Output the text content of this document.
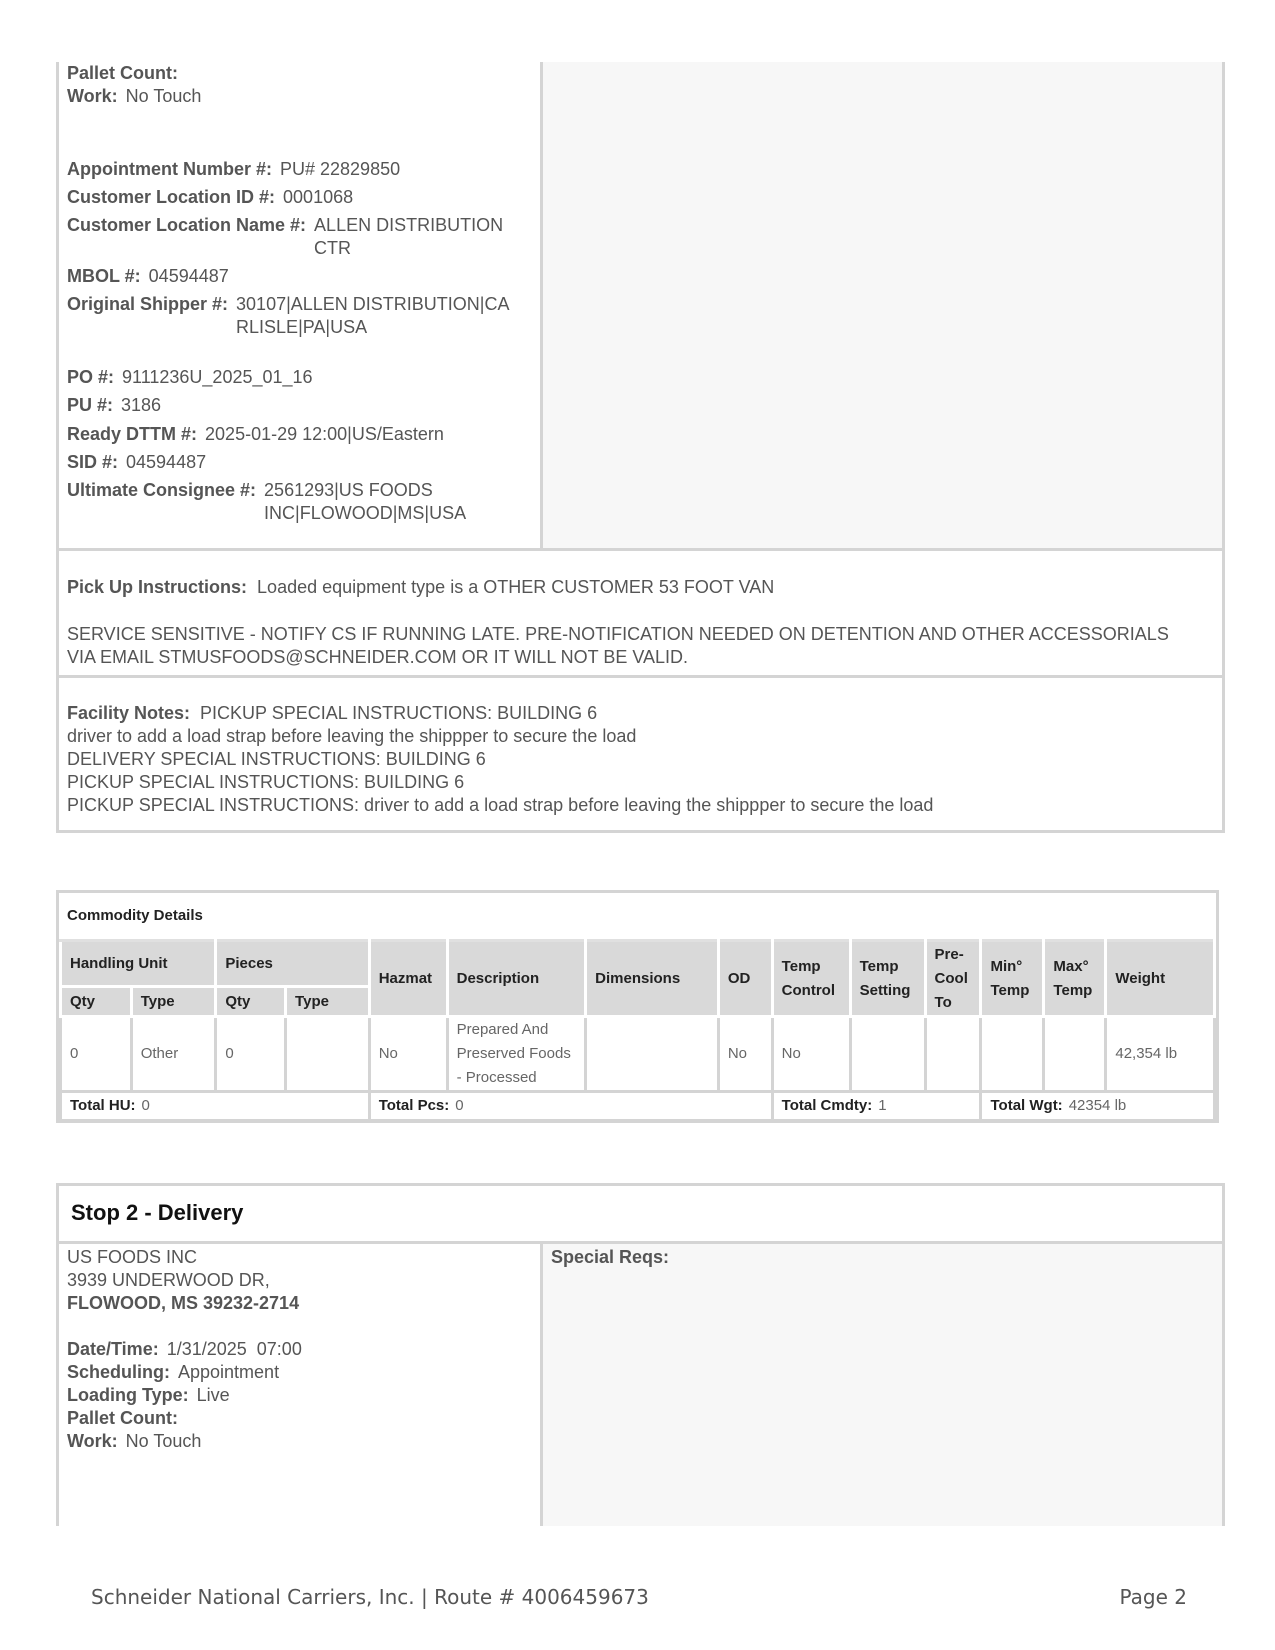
Pallet Count:
Work: No Touch
Appointment Number #: PU# 22829850
Customer Location ID #: 0001068
Customer Location Name #: ALLEN DISTRIBUTION CTR
MBOL #: 04594487
Original Shipper #: 30107|ALLEN DISTRIBUTION|CARLISLE|PA|USA
PO #: 9111236U_2025_01_16
PU #: 3186
Ready DTTM #: 2025-01-29 12:00|US/Eastern
SID #: 04594487
Ultimate Consignee #: 2561293|US FOODS INC|FLOWOOD|MS|USA
Pick Up Instructions: Loaded equipment type is a OTHER CUSTOMER 53 FOOT VAN
SERVICE SENSITIVE - NOTIFY CS IF RUNNING LATE. PRE-NOTIFICATION NEEDED ON DETENTION AND OTHER ACCESSORIALS VIA EMAIL STMUSFOODS@SCHNEIDER.COM OR IT WILL NOT BE VALID.
Facility Notes: PICKUP SPECIAL INSTRUCTIONS: BUILDING 6
driver to add a load strap before leaving the shippper to secure the load
DELIVERY SPECIAL INSTRUCTIONS: BUILDING 6
PICKUP SPECIAL INSTRUCTIONS: BUILDING 6
PICKUP SPECIAL INSTRUCTIONS: driver to add a load strap before leaving the shippper to secure the load
Commodity Details
Handling Unit		Pieces		Hazmat	Description	Dimensions	OD	Temp Control	Temp Setting	Pre-Cool To	Min° Temp	Max° Temp	Weight
Qty	Type	Qty	Type										
0	Other	0		No	Prepared And Preserved Foods - Processed		No	No					42,354 lb
Total HU: 0				Total Pcs: 0				Total Cmdty: 1			Total Wgt: 42354 lb		
Stop 2 - Delivery
US FOODS INC
3939 UNDERWOOD DR,
FLOWOOD, MS 39232-2714
Date/Time: 1/31/2025  07:00
Scheduling: Appointment
Loading Type: Live
Pallet Count:
Work: No Touch
Special Reqs:
Schneider National Carriers, Inc. | Route # 4006459673	Page 2
